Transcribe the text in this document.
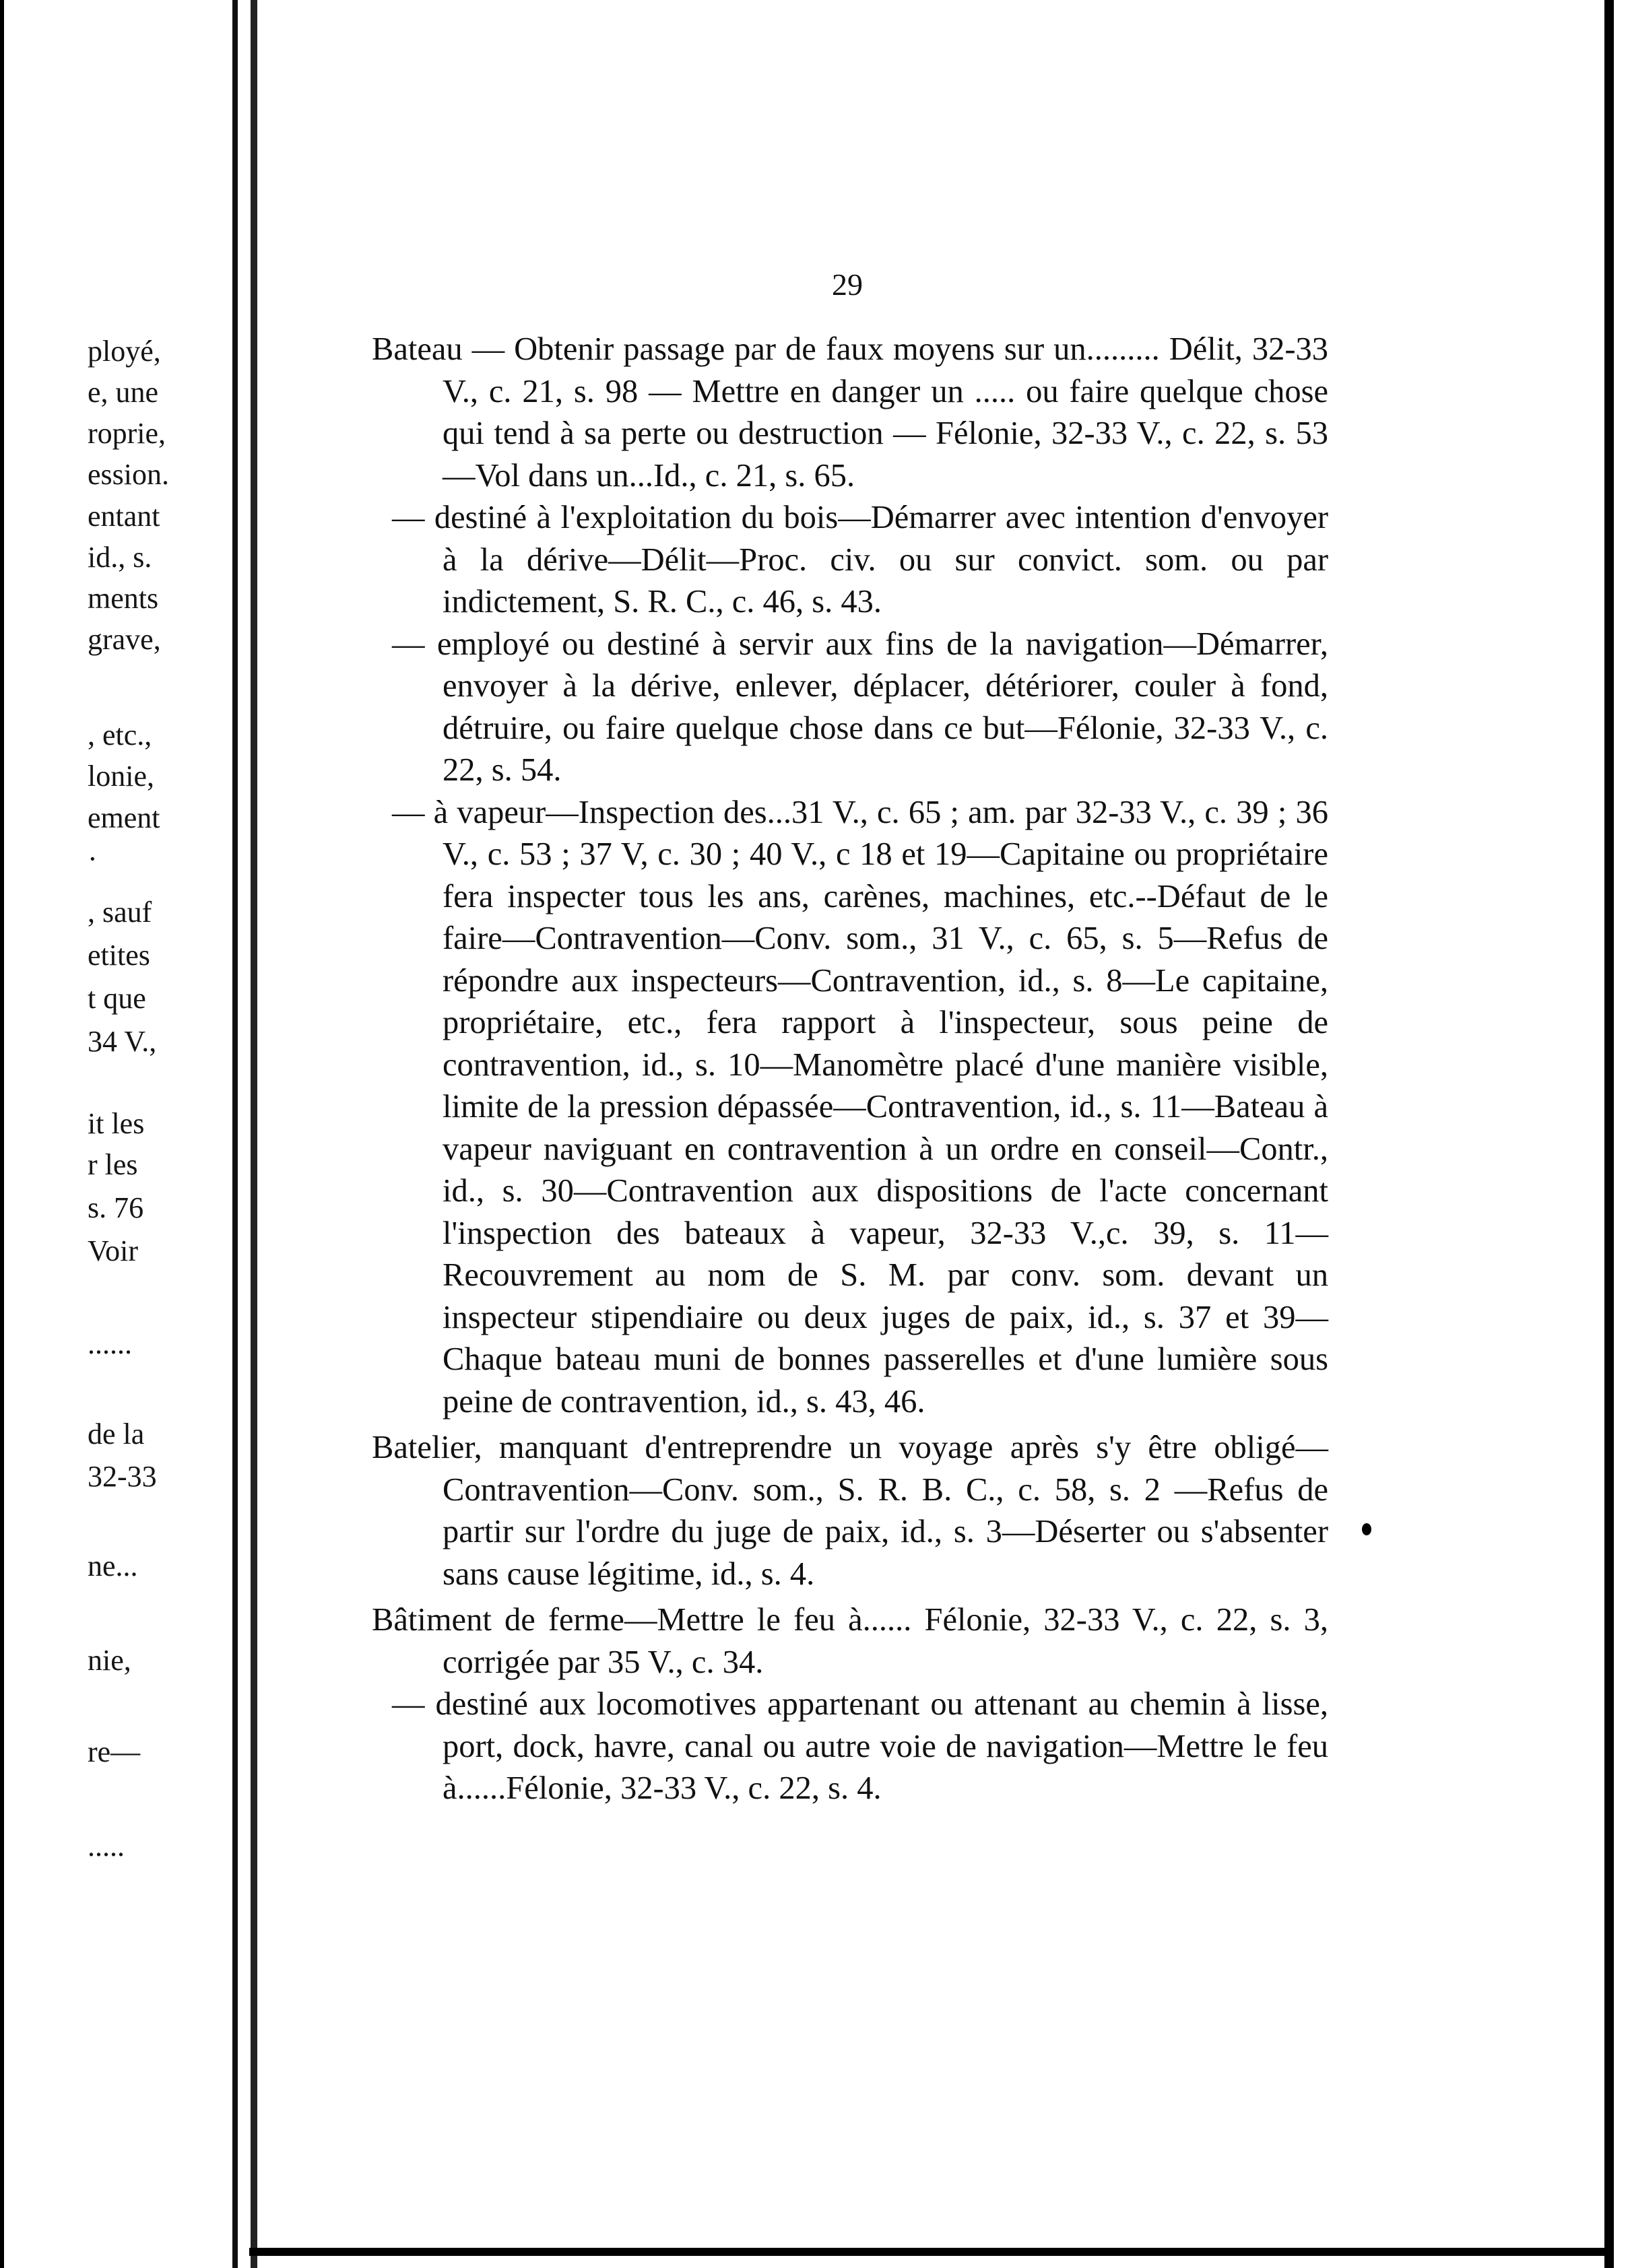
ployé,

e, une

roprie,

ession.

entant

id., s.

ments

grave,

, etc.,

lonie,

ement

·

, sauf

etites

t que

34 V.,

it les

r les

s. 76

Voir

......

de la

32-33

ne...

nie,

re—

.....

29

Bateau — Obtenir passage par de faux moyens sur un......... Délit, 32-33 V., c. 21, s. 98 — Mettre en danger un ..... ou faire quelque chose qui tend à sa perte ou destruction — Félonie, 32-33 V., c. 22, s. 53—Vol dans un...Id., c. 21, s. 65.

— destiné à l'exploitation du bois—Démarrer avec intention d'envoyer à la dérive—Délit—Proc. civ. ou sur convict. som. ou par indictement, S. R. C., c. 46, s. 43.

— employé ou destiné à servir aux fins de la navigation—Démarrer, envoyer à la dérive, enlever, déplacer, détériorer, couler à fond, détruire, ou faire quelque chose dans ce but—Félonie, 32-33 V., c. 22, s. 54.

— à vapeur—Inspection des...31 V., c. 65 ; am. par 32-33 V., c. 39 ; 36 V., c. 53 ; 37 V, c. 30 ; 40 V., c 18 et 19—Capitaine ou propriétaire fera inspecter tous les ans, carènes, machines, etc.--Défaut de le faire—Contravention—Conv. som., 31 V., c. 65, s. 5—Refus de répondre aux inspecteurs—Contravention, id., s. 8—Le capitaine, propriétaire, etc., fera rapport à l'inspecteur, sous peine de contravention, id., s. 10—Manomètre placé d'une manière visible, limite de la pression dépassée—Contravention, id., s. 11—Bateau à vapeur naviguant en contravention à un ordre en conseil—Contr., id., s. 30—Contravention aux dispositions de l'acte concernant l'inspection des bateaux à vapeur, 32-33 V.,c. 39, s. 11—Recouvrement au nom de S. M. par conv. som. devant un inspecteur stipendiaire ou deux juges de paix, id., s. 37 et 39—Chaque bateau muni de bonnes passerelles et d'une lumière sous peine de contravention, id., s. 43, 46.

Batelier, manquant d'entreprendre un voyage après s'y être obligé—Contravention—Conv. som., S. R. B. C., c. 58, s. 2 —Refus de partir sur l'ordre du juge de paix, id., s. 3—Déserter ou s'absenter sans cause légitime, id., s. 4.

Bâtiment de ferme—Mettre le feu à...... Félonie, 32-33 V., c. 22, s. 3, corrigée par 35 V., c. 34.

— destiné aux locomotives appartenant ou attenant au chemin à lisse, port, dock, havre, canal ou autre voie de navigation—Mettre le feu à......Félonie, 32-33 V., c. 22, s. 4.
